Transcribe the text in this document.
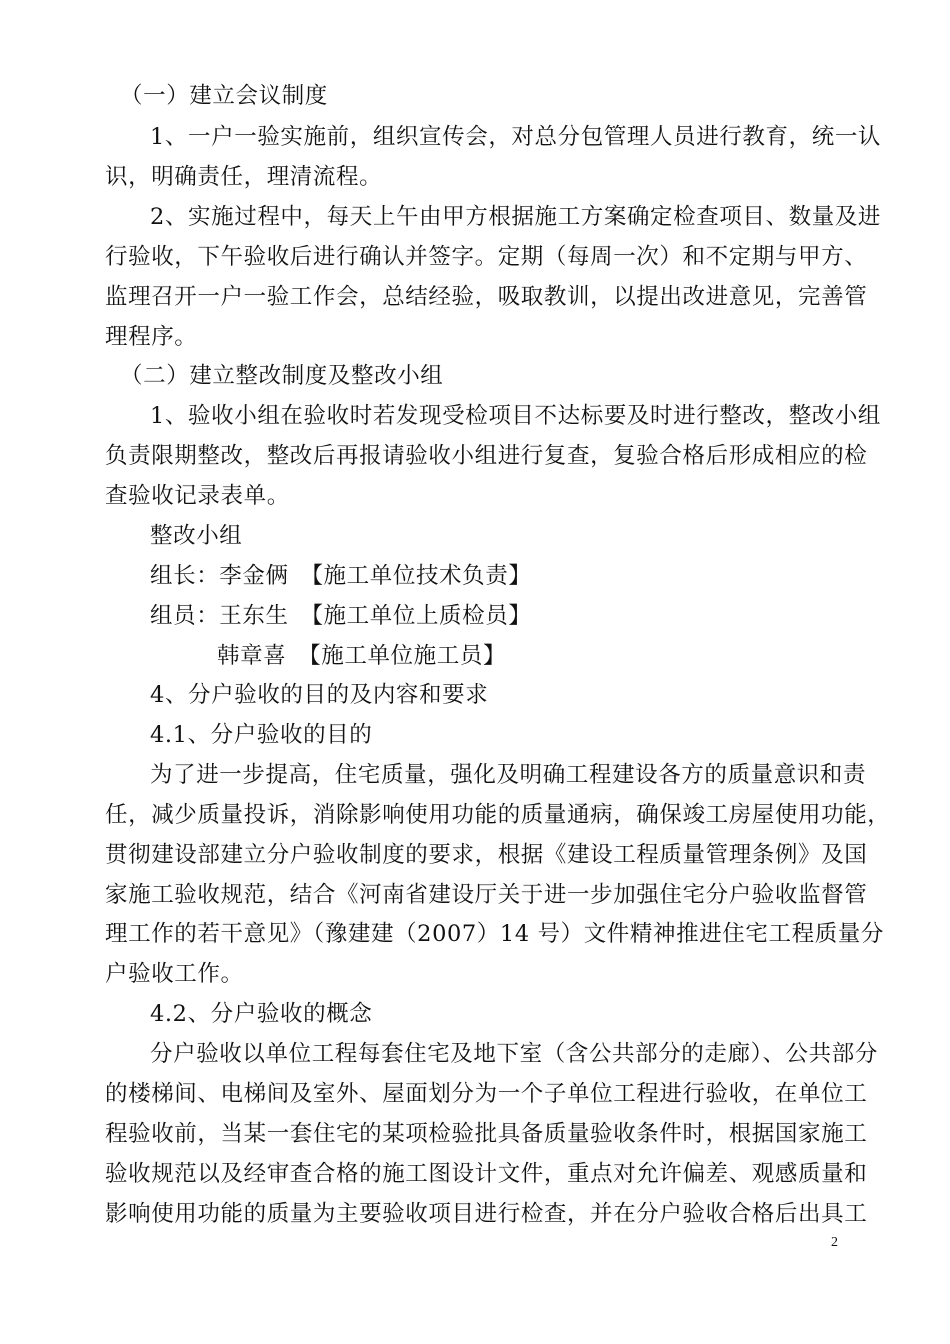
（一）建立会议制度
1、一户一验实施前，组织宣传会，对总分包管理人员进行教育，统一认
识，明确责任，理清流程。
2、实施过程中，每天上午由甲方根据施工方案确定检查项目、数量及进
行验收，下午验收后进行确认并签字。定期（每周一次）和不定期与甲方、
监理召开一户一验工作会，总结经验，吸取教训，以提出改进意见，完善管
理程序。
（二）建立整改制度及整改小组
1、验收小组在验收时若发现受检项目不达标要及时进行整改，整改小组
负责限期整改，整改后再报请验收小组进行复查，复验合格后形成相应的检
查验收记录表单。
整改小组
组长：李金俩　【施工单位技术负责】
组员：王东生　【施工单位上质检员】
韩章喜　【施工单位施工员】
4、分户验收的目的及内容和要求
4.1、分户验收的目的
为了进一步提高，住宅质量，强化及明确工程建设各方的质量意识和责
任，减少质量投诉，消除影响使用功能的质量通病，确保竣工房屋使用功能，
贯彻建设部建立分户验收制度的要求，根据《建设工程质量管理条例》及国
家施工验收规范，结合《河南省建设厅关于进一步加强住宅分户验收监督管
理工作的若干意见》（豫建建（2007）14 号）文件精神推进住宅工程质量分
户验收工作。
4.2、分户验收的概念
分户验收以单位工程每套住宅及地下室（含公共部分的走廊）、公共部分
的楼梯间、电梯间及室外、屋面划分为一个子单位工程进行验收，在单位工
程验收前，当某一套住宅的某项检验批具备质量验收条件时，根据国家施工
验收规范以及经审查合格的施工图设计文件，重点对允许偏差、观感质量和
影响使用功能的质量为主要验收项目进行检查，并在分户验收合格后出具工
2
